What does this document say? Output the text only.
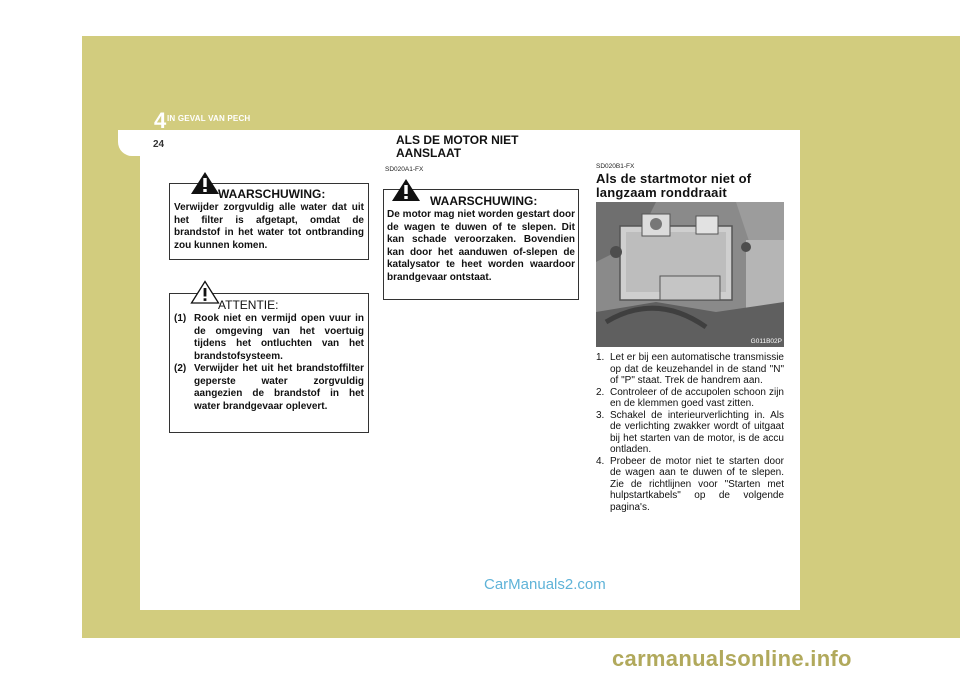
4 IN GEVAL VAN PECH
24	ALS DE MOTOR NIET AANSLAAT
WAARSCHUWING:
Verwijder zorgvuldig alle water dat uit het filter is afgetapt, omdat de brandstof in het water tot ontbranding zou kunnen komen.
ATTENTIE:
(1) Rook niet en vermijd open vuur in de omgeving van het voertuig tijdens het ontluchten van het brandstofsysteem.
(2) Verwijder het uit het brandstoffilter geperste water zorgvuldig aangezien de brandstof in het water brandgevaar oplevert.
SD020A1-FX
WAARSCHUWING:
De motor mag niet worden gestart door de wagen te duwen of te slepen. Dit kan schade veroorzaken. Bovendien kan door het aanduwen of-slepen de katalysator te heet worden waardoor brandgevaar ontstaat.
SD020B1-FX
Als de startmotor niet of langzaam ronddraait
G011B02P
1. Let er bij een automatische transmissie op dat de keuzehandel in de stand "N" of "P" staat. Trek de handrem aan.
2. Controleer of de accupolen schoon zijn en de klemmen goed vast zitten.
3. Schakel de interieurverlichting in. Als de verlichting zwakker wordt of uitgaat bij het starten van de motor, is de accu ontladen.
4. Probeer de motor niet te starten door de wagen aan te duwen of te slepen. Zie de richtlijnen voor "Starten met hulpstartkabels" op de volgende pagina's.
CarManuals2.com
carmanualsonline.info
